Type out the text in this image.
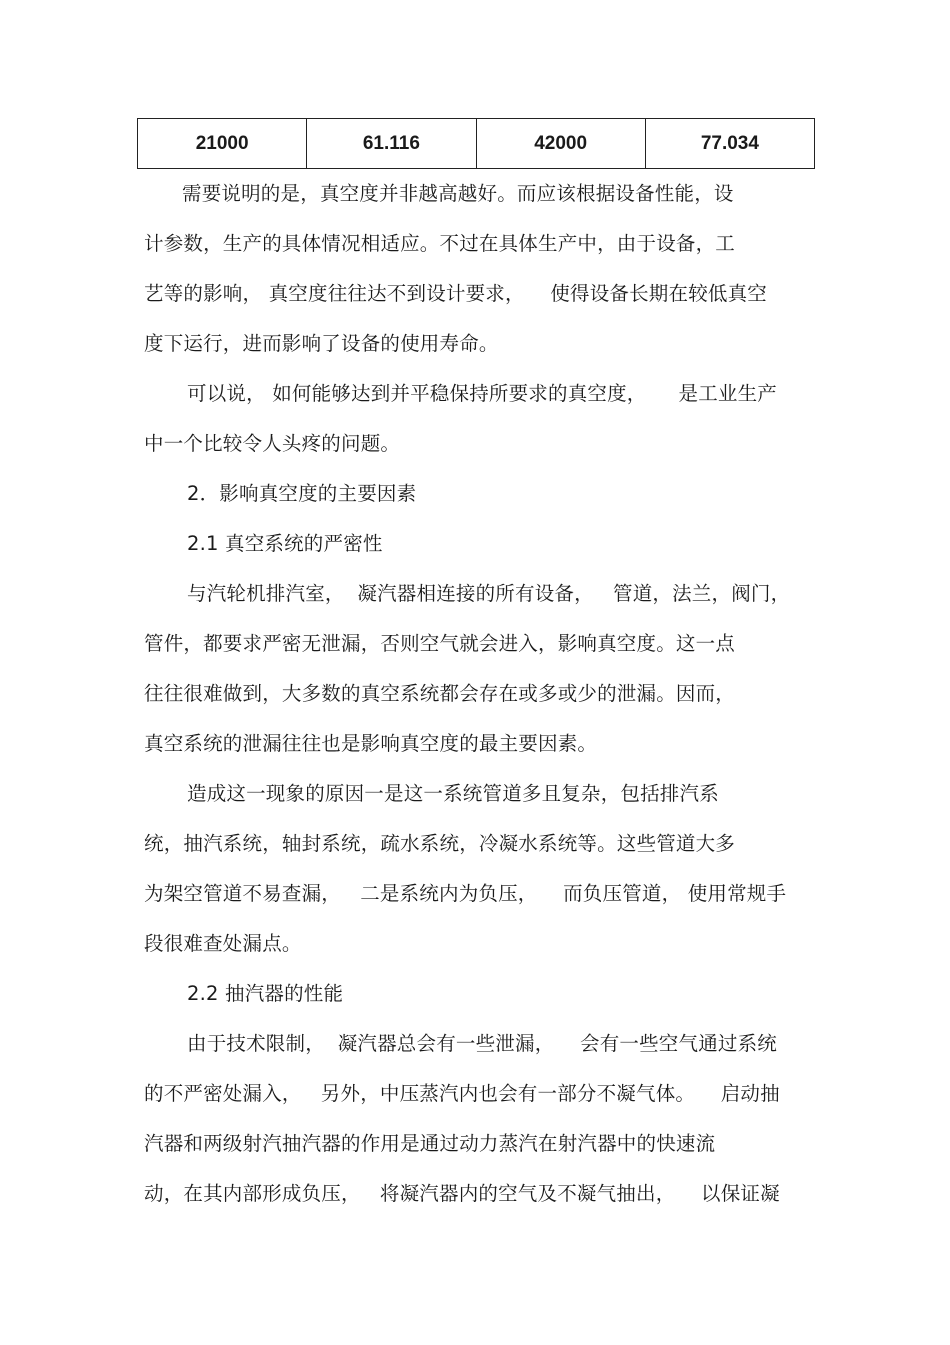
21000	61.116	42000	77.034
需要说明的是，真空度并非越高越好。而应该根据设备性能，设
计参数，生产的具体情况相适应。不过在具体生产中，由于设备，工
艺等的影响， 真空度往往达不到设计要求，    使得设备长期在较低真空
度下运行，进而影响了设备的使用寿命。
可以说， 如何能够达到并平稳保持所要求的真空度，     是工业生产
中一个比较令人头疼的问题。
2．影响真空度的主要因素
2.1 真空系统的严密性
与汽轮机排汽室，  凝汽器相连接的所有设备，   管道，法兰，阀门，
管件，都要求严密无泄漏，否则空气就会进入，影响真空度。这一点
往往很难做到，大多数的真空系统都会存在或多或少的泄漏。因而，
真空系统的泄漏往往也是影响真空度的最主要因素。
造成这一现象的原因一是这一系统管道多且复杂，包括排汽系
统，抽汽系统，轴封系统，疏水系统，冷凝水系统等。这些管道大多
为架空管道不易查漏，   二是系统内为负压，    而负压管道， 使用常规手
段很难查处漏点。
2.2 抽汽器的性能
由于技术限制，  凝汽器总会有一些泄漏，    会有一些空气通过系统
的不严密处漏入，   另外，中压蒸汽内也会有一部分不凝气体。    启动抽
汽器和两级射汽抽汽器的作用是通过动力蒸汽在射汽器中的快速流
动，在其内部形成负压，   将凝汽器内的空气及不凝气抽出，    以保证凝
